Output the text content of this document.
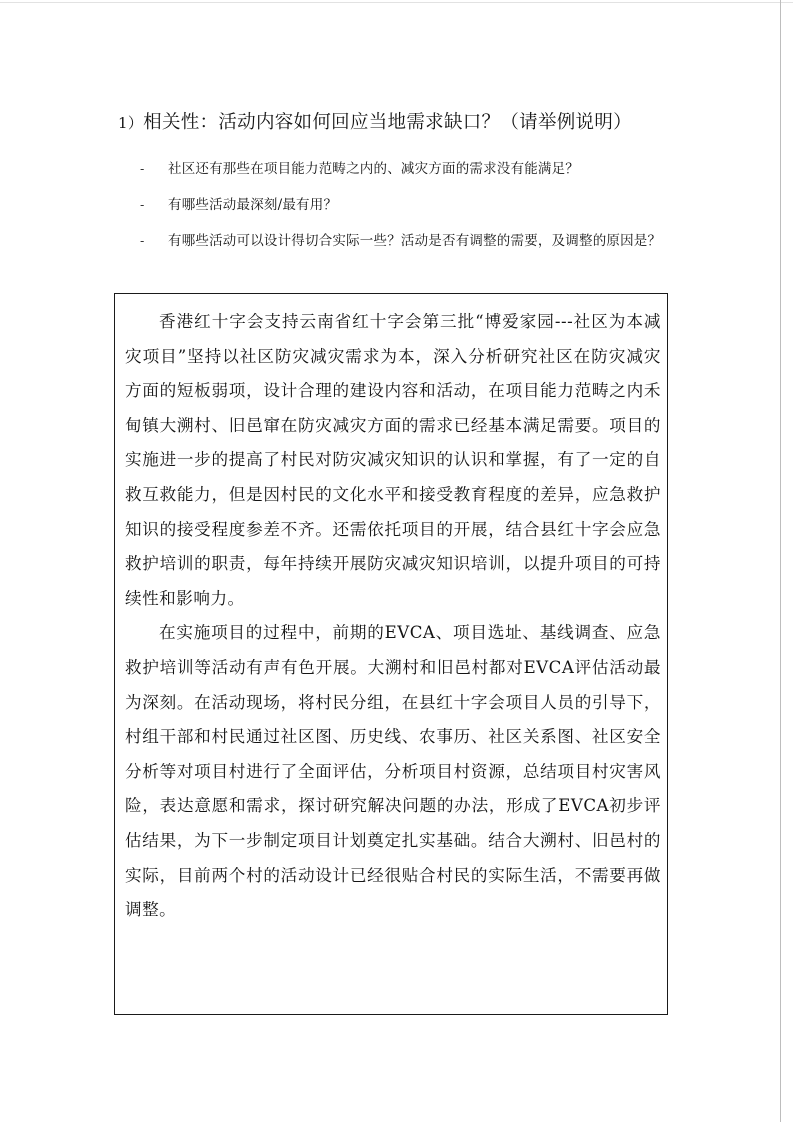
1）相关性：活动内容如何回应当地需求缺口？（请举例说明）
- 社区还有那些在项目能力范畴之内的、减灾方面的需求没有能满足？
- 有哪些活动最深刻/最有用？
- 有哪些活动可以设计得切合实际一些？活动是否有调整的需要，及调整的原因是？

香港红十字会支持云南省红十字会第三批“博爱家园---社区为本减灾项目”坚持以社区防灾减灾需求为本，深入分析研究社区在防灾减灾方面的短板弱项，设计合理的建设内容和活动，在项目能力范畴之内禾甸镇大溯村、旧邑窜在防灾减灾方面的需求已经基本满足需要。项目的实施进一步的提高了村民对防灾减灾知识的认识和掌握，有了一定的自救互救能力，但是因村民的文化水平和接受教育程度的差异，应急救护知识的接受程度参差不齐。还需依托项目的开展，结合县红十字会应急救护培训的职责，每年持续开展防灾减灾知识培训，以提升项目的可持续性和影响力。

在实施项目的过程中，前期的EVCA、项目选址、基线调查、应急救护培训等活动有声有色开展。大溯村和旧邑村都对EVCA评估活动最为深刻。在活动现场，将村民分组，在县红十字会项目人员的引导下，村组干部和村民通过社区图、历史线、农事历、社区关系图、社区安全分析等对项目村进行了全面评估，分析项目村资源，总结项目村灾害风险，表达意愿和需求，探讨研究解决问题的办法，形成了EVCA初步评估结果，为下一步制定项目计划奠定扎实基础。结合大溯村、旧邑村的实际，目前两个村的活动设计已经很贴合村民的实际生活，不需要再做调整。
